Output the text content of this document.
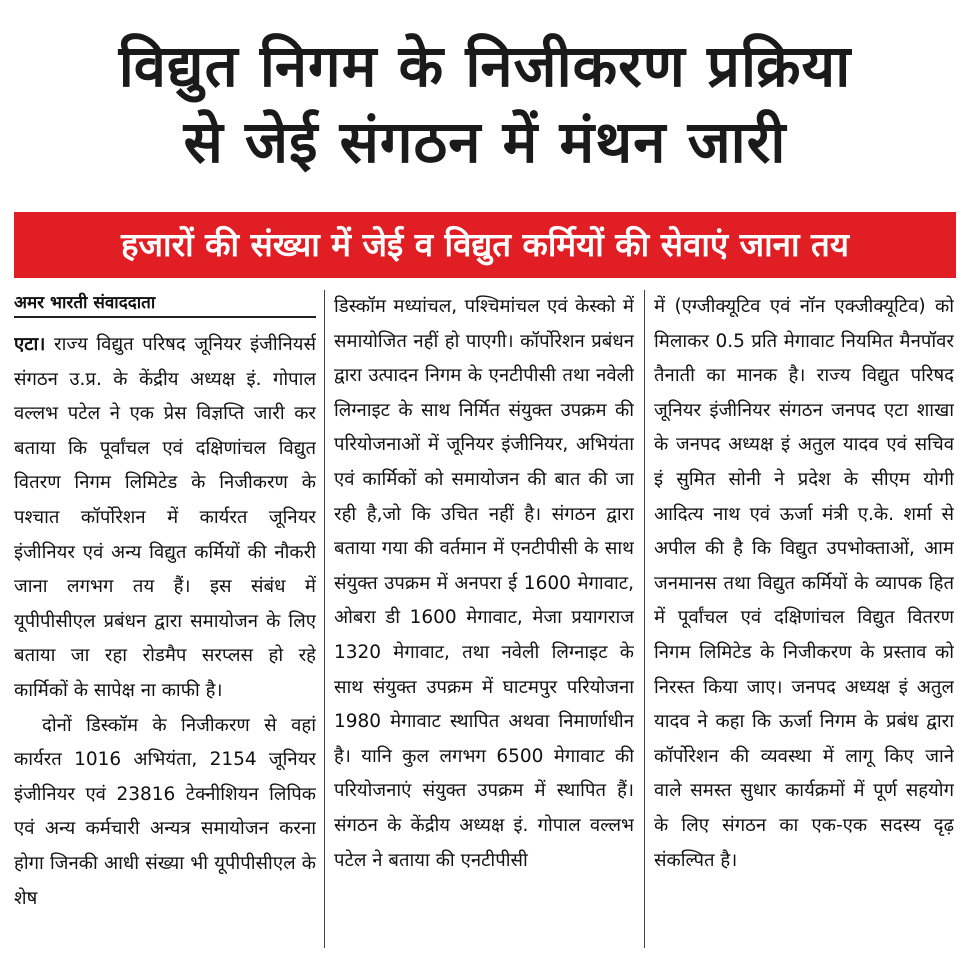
विद्युत निगम के निजीकरण प्रक्रिया
से जेई संगठन में मंथन जारी
हजारों की संख्या में जेई व विद्युत कर्मियों की सेवाएं जाना तय
अमर भारती संवाददाता

एटा। राज्य विद्युत परिषद जूनियर इंजीनियर्स संगठन उ.प्र. के केंद्रीय अध्यक्ष इं. गोपाल वल्लभ पटेल ने एक प्रेस विज्ञप्ति जारी कर बताया कि पूर्वांचल एवं दक्षिणांचल विद्युत वितरण निगम लिमिटेड के निजीकरण के पश्चात कॉर्पोरेशन में कार्यरत जूनियर इंजीनियर एवं अन्य विद्युत कर्मियों की नौकरी जाना लगभग तय हैं। इस संबंध में यूपीपीसीएल प्रबंधन द्वारा समायोजन के लिए बताया जा रहा रोडमैप सरप्लस हो रहे कार्मिकों के सापेक्ष ना काफी है।

दोनों डिस्कॉम के निजीकरण से वहां कार्यरत 1016 अभियंता, 2154 जूनियर इंजीनियर एवं 23816 टेक्नीशियन लिपिक एवं अन्य कर्मचारी अन्यत्र समायोजन करना होगा जिनकी आधी संख्या भी यूपीपीसीएल के शेष

डिस्कॉम मध्यांचल, पश्चिमांचल एवं केस्को में समायोजित नहीं हो पाएगी। कॉर्पोरेशन प्रबंधन द्वारा उत्पादन निगम के एनटीपीसी तथा नवेली लिग्नाइट के साथ निर्मित संयुक्त उपक्रम की परियोजनाओं में जूनियर इंजीनियर, अभियंता एवं कार्मिकों को समायोजन की बात की जा रही है,जो कि उचित नहीं है। संगठन द्वारा बताया गया की वर्तमान में एनटीपीसी के साथ संयुक्त उपक्रम में अनपरा ई 1600 मेगावाट, ओबरा डी 1600 मेगावाट, मेजा प्रयागराज 1320 मेगावाट, तथा नवेली लिग्नाइट के साथ संयुक्त उपक्रम में घाटमपुर परियोजना 1980 मेगावाट स्थापित अथवा निमार्णाधीन है। यानि कुल लगभग 6500 मेगावाट की परियोजनाएं संयुक्त उपक्रम में स्थापित हैं। संगठन के केंद्रीय अध्यक्ष इं. गोपाल वल्लभ पटेल ने बताया की एनटीपीसी

में (एग्जीक्यूटिव एवं नॉन एक्जीक्यूटिव) को मिलाकर 0.5 प्रति मेगावाट नियमित मैनपॉवर तैनाती का मानक है। राज्य विद्युत परिषद जूनियर इंजीनियर संगठन जनपद एटा शाखा के जनपद अध्यक्ष इं अतुल यादव एवं सचिव इं सुमित सोनी ने प्रदेश के सीएम योगी आदित्य नाथ एवं ऊर्जा मंत्री ए.के. शर्मा से अपील की है कि विद्युत उपभोक्ताओं, आम जनमानस तथा विद्युत कर्मियों के व्यापक हित में पूर्वांचल एवं दक्षिणांचल विद्युत वितरण निगम लिमिटेड के निजीकरण के प्रस्ताव को निरस्त किया जाए। जनपद अध्यक्ष इं अतुल यादव ने कहा कि ऊर्जा निगम के प्रबंध द्वारा कॉर्पोरेशन की व्यवस्था में लागू किए जाने वाले समस्त सुधार कार्यक्रमों में पूर्ण सहयोग के लिए संगठन का एक-एक सदस्य दृढ़ संकल्पित है।
